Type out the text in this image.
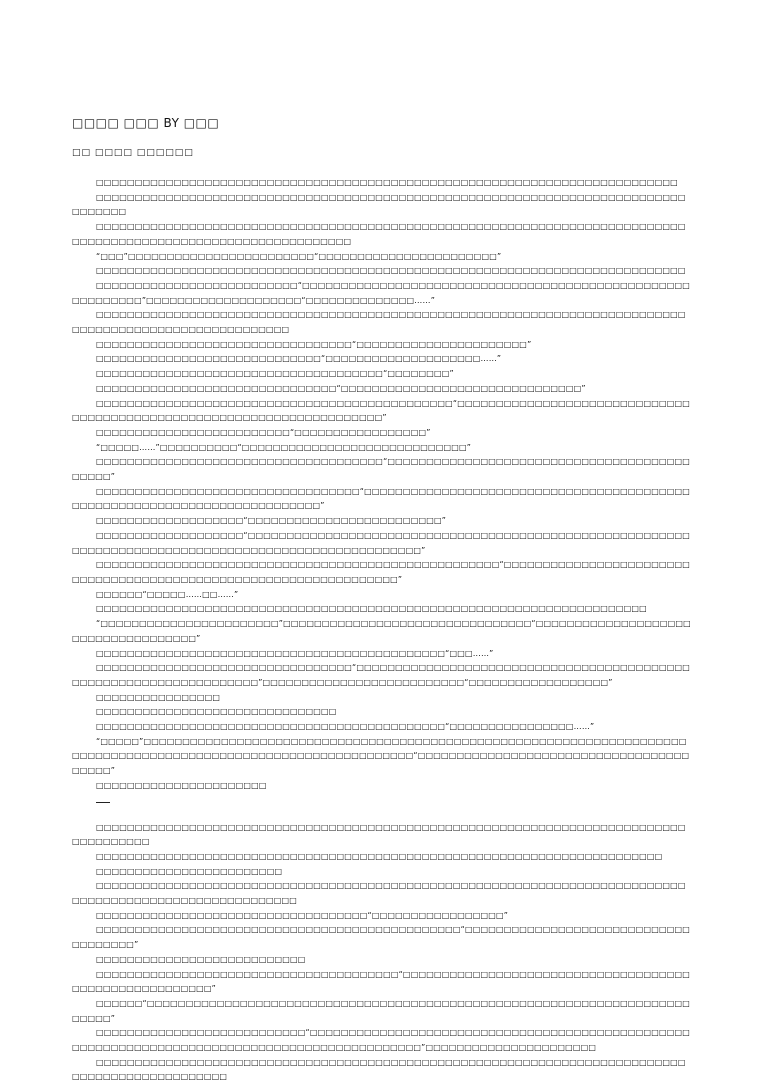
□□□□ □□□ BY □□□
□□ □□□□ □□□□□□

□□□□□□□□□□□□□□□□□□□□□□□□□□□□□□□□□□□□□□□□□□□□□□□□□□□□□□□□□□□□□□□□□□□□□□□□□□□

□□□□□□□□□□□□□□□□□□□□□□□□□□□□□□□□□□□□□□□□□□□□□□□□□□□□□□□□□□□□□□□□□□□□□□□□□□□□□□□□□□□

□□□□□□□□□□□□□□□□□□□□□□□□□□□□□□□□□□□□□□□□□□□□□□□□□□□□□□□□□□□□□□□□□□□□□□□□□□□□□□□□□□□□□□□□□□□□□□□□□□□□□□□□□□□□□□□□

“□□□”□□□□□□□□□□□□□□□□□□□□□□□□“□□□□□□□□□□□□□□□□□□□□□□□”

□□□□□□□□□□□□□□□□□□□□□□□□□□□□□□□□□□□□□□□□□□□□□□□□□□□□□□□□□□□□□□□□□□□□□□□□□□□□

□□□□□□□□□□□□□□□□□□□□□□□□□□“□□□□□□□□□□□□□□□□□□□□□□□□□□□□□□□□□□□□□□□□□□□□□□□□□□□□□□□□□□□”□□□□□□□□□□□□□□□□□□□□“□□□□□□□□□□□□□□……”

□□□□□□□□□□□□□□□□□□□□□□□□□□□□□□□□□□□□□□□□□□□□□□□□□□□□□□□□□□□□□□□□□□□□□□□□□□□□□□□□□□□□□□□□□□□□□□□□□□□□□□□□

□□□□□□□□□□□□□□□□□□□□□□□□□□□□□□□□□“□□□□□□□□□□□□□□□□□□□□□□”

□□□□□□□□□□□□□□□□□□□□□□□□□□□□□“□□□□□□□□□□□□□□□□□□□□……”

□□□□□□□□□□□□□□□□□□□□□□□□□□□□□□□□□□□□□“□□□□□□□□”

□□□□□□□□□□□□□□□□□□□□□□□□□□□□□□□“□□□□□□□□□□□□□□□□□□□□□□□□□□□□□□□”

□□□□□□□□□□□□□□□□□□□□□□□□□□□□□□□□□□□□□□□□□□□□□□“□□□□□□□□□□□□□□□□□□□□□□□□□□□□□□□□□□□□□□□□□□□□□□□□□□□□□□□□□□□□□□□□□□□□□□”

□□□□□□□□□□□□□□□□□□□□□□□□□“□□□□□□□□□□□□□□□□□”

“□□□□□……”□□□□□□□□□□“□□□□□□□□□□□□□□□□□□□□□□□□□□□□□”

□□□□□□□□□□□□□□□□□□□□□□□□□□□□□□□□□□□□□“□□□□□□□□□□□□□□□□□□□□□□□□□□□□□□□□□□□□□□□□□□□□”

□□□□□□□□□□□□□□□□□□□□□□□□□□□□□□□□□□“□□□□□□□□□□□□□□□□□□□□□□□□□□□□□□□□□□□□□□□□□□□□□□□□□□□□□□□□□□□□□□□□□□□□□□□□□□”

□□□□□□□□□□□□□□□□□□□“□□□□□□□□□□□□□□□□□□□□□□□□□”

□□□□□□□□□□□□□□□□□□□“□□□□□□□□□□□□□□□□□□□□□□□□□□□□□□□□□□□□□□□□□□□□□□□□□□□□□□□□□□□□□□□□□□□□□□□□□□□□□□□□□□□□□□□□□□□□□□□□□□□□□□”

□□□□□□□□□□□□□□□□□□□□□□□□□□□□□□□□□□□□□□□□□□□□□□□□□□□□“□□□□□□□□□□□□□□□□□□□□□□□□□□□□□□□□□□□□□□□□□□□□□□□□□□□□□□□□□□□□□□□□□□”

□□□□□□“□□□□□……□□……”

□□□□□□□□□□□□□□□□□□□□□□□□□□□□□□□□□□□□□□□□□□□□□□□□□□□□□□□□□□□□□□□□□□□□□□□

“□□□□□□□□□□□□□□□□□□□□□□□”□□□□□□□□□□□□□□□□□□□□□□□□□□□□□□□□“□□□□□□□□□□□□□□□□□□□□□□□□□□□□□□□□□□□□”

□□□□□□□□□□□□□□□□□□□□□□□□□□□□□□□□□□□□□□□□□□□□□“□□□……”

□□□□□□□□□□□□□□□□□□□□□□□□□□□□□□□□□“□□□□□□□□□□□□□□□□□□□□□□□□□□□□□□□□□□□□□□□□□□□□□□□□□□□□□□□□□□□□□□□□□□□”□□□□□□□□□□□□□□□□□□□□□□□□□□“□□□□□□□□□□□□□□□□□□”

□□□□□□□□□□□□□□□□

□□□□□□□□□□□□□□□□□□□□□□□□□□□□□□□

□□□□□□□□□□□□□□□□□□□□□□□□□□□□□□□□□□□□□□□□□□□□□“□□□□□□□□□□□□□□□□……”

“□□□□□”□□□□□□□□□□□□□□□□□□□□□□□□□□□□□□□□□□□□□□□□□□□□□□□□□□□□□□□□□□□□□□□□□□□□□□□□□□□□□□□□□□□□□□□□□□□□□□□□□□□□□□□□□□□□□□□□□□“□□□□□□□□□□□□□□□□□□□□□□□□□□□□□□□□□□□□□□□□”

□□□□□□□□□□□□□□□□□□□□□□

□□□□□□□□□□□□□□□□□□□□□□□□□□□□□□□□□□□□□□□□□□□□□□□□□□□□□□□□□□□□□□□□□□□□□□□□□□□□□□□□□□□□□□

□□□□□□□□□□□□□□□□□□□□□□□□□□□□□□□□□□□□□□□□□□□□□□□□□□□□□□□□□□□□□□□□□□□□□□□□□

□□□□□□□□□□□□□□□□□□□□□□□□

□□□□□□□□□□□□□□□□□□□□□□□□□□□□□□□□□□□□□□□□□□□□□□□□□□□□□□□□□□□□□□□□□□□□□□□□□□□□□□□□□□□□□□□□□□□□□□□□□□□□□□□□□

□□□□□□□□□□□□□□□□□□□□□□□□□□□□□□□□□□□“□□□□□□□□□□□□□□□□□”

□□□□□□□□□□□□□□□□□□□□□□□□□□□□□□□□□□□□□□□□□□□□□□□“□□□□□□□□□□□□□□□□□□□□□□□□□□□□□□□□□□□□□”

□□□□□□□□□□□□□□□□□□□□□□□□□□□

□□□□□□□□□□□□□□□□□□□□□□□□□□□□□□□□□□□□□□□“□□□□□□□□□□□□□□□□□□□□□□□□□□□□□□□□□□□□□□□□□□□□□□□□□□□□□□□”

□□□□□□“□□□□□□□□□□□□□□□□□□□□□□□□□□□□□□□□□□□□□□□□□□□□□□□□□□□□□□□□□□□□□□□□□□□□□□□□□□□”

□□□□□□□□□□□□□□□□□□□□□□□□□□□“□□□□□□□□□□□□□□□□□□□□□□□□□□□□□□□□□□□□□□□□□□□□□□□□□□□□□□□□□□□□□□□□□□□□□□□□□□□□□□□□□□□□□□□□□□□□□□”□□□□□□□□□□□□□□□□□□□□□□

□□□□□□□□□□□□□□□□□□□□□□□□□□□□□□□□□□□□□□□□□□□□□□□□□□□□□□□□□□□□□□□□□□□□□□□□□□□□□□□□□□□□□□□□□□□□□□□□
